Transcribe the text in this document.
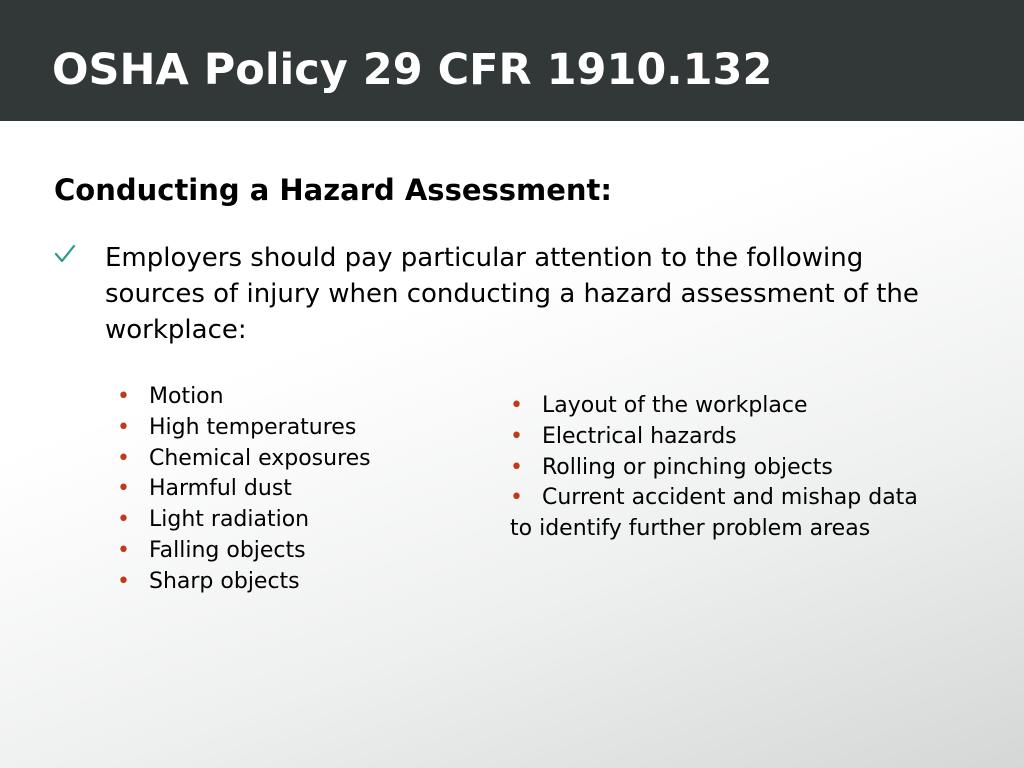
OSHA Policy 29 CFR 1910.132
Conducting a Hazard Assessment:
Employers should pay particular attention to the following sources of injury when conducting a hazard assessment of the workplace:
• Motion
• High temperatures
• Chemical exposures
• Harmful dust
• Light radiation
• Falling objects
• Sharp objects
• Layout of the workplace
• Electrical hazards
• Rolling or pinching objects
• Current accident and mishap data to identify further problem areas
